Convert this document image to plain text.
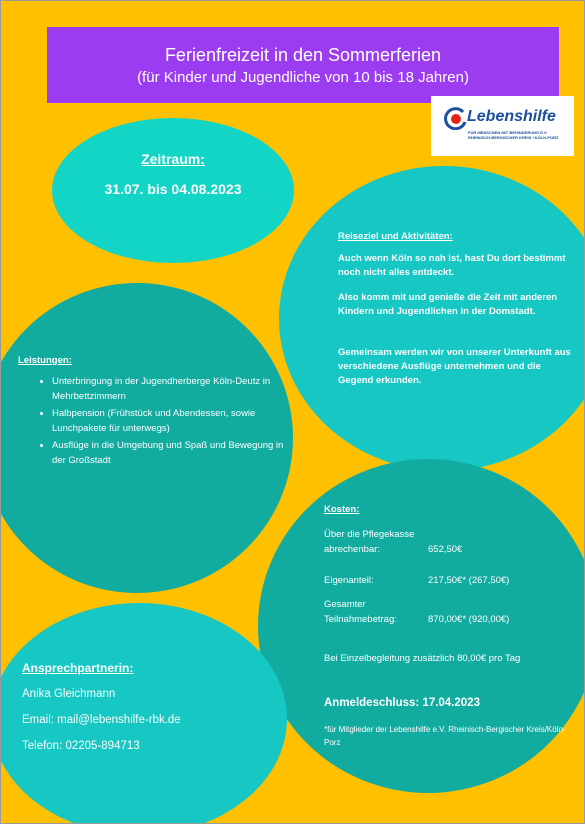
Ferienfreizeit in den Sommerferien
(für Kinder und Jugendliche von 10 bis 18 Jahren)
Lebenshilfe
FÜR MENSCHEN MIT BEHINDERUNG E.V. RHEINISCH-BERGISCHER KREIS / KÖLN-PORZ
Zeitraum:
31.07. bis 04.08.2023
Reiseziel und Aktivitäten:

Auch wenn Köln so nah ist, hast Du dort bestimmt noch nicht alles entdeckt.

Also komm mit und genieße die Zeit mit anderen Kindern und Jugendlichen in der Domstadt.

Gemeinsam werden wir von unserer Unterkunft aus verschiedene Ausflüge unternehmen und die Gegend erkunden.

Leistungen:
• Unterbringung in der Jugendherberge Köln-Deutz in Mehrbettzimmern
• Halbpension (Frühstück und Abendessen, sowie Lunchpakete für unterwegs)
• Ausflüge in die Umgebung und Spaß und Bewegung in der Großstadt
Kosten:
Über die Pflegekasse
abrechenbar:	652,50€
Eigenanteil:	217,50€* (267,50€)
Gesamter
Teilnahmebetrag:	870,00€* (920,00€)
Bei Einzelbegleitung zusätzlich 80,00€ pro Tag
Anmeldeschluss: 17.04.2023
*für Mitglieder der Lebenshilfe e.V. Rheinisch-Bergischer Kreis/Köln-Porz
Ansprechpartnerin:
Anika Gleichmann
Email: mail@lebenshilfe-rbk.de
Telefon: 02205-894713
